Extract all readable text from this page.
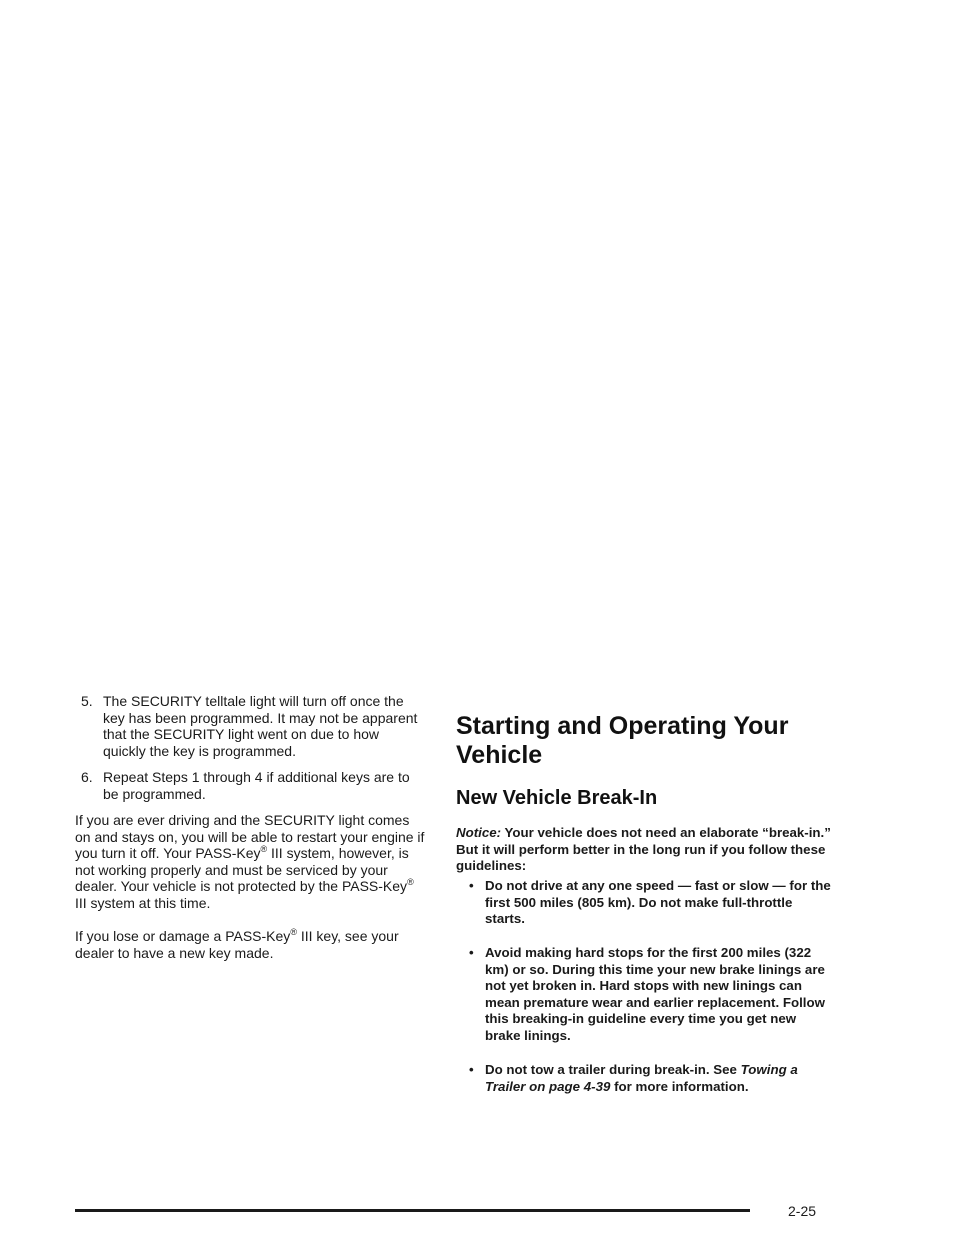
5. The SECURITY telltale light will turn off once the key has been programmed. It may not be apparent that the SECURITY light went on due to how quickly the key is programmed.
6. Repeat Steps 1 through 4 if additional keys are to be programmed.

If you are ever driving and the SECURITY light comes on and stays on, you will be able to restart your engine if you turn it off. Your PASS-Key® III system, however, is not working properly and must be serviced by your dealer. Your vehicle is not protected by the PASS-Key® III system at this time.

If you lose or damage a PASS-Key® III key, see your dealer to have a new key made.

Starting and Operating Your Vehicle
New Vehicle Break-In

Notice: Your vehicle does not need an elaborate “break-in.” But it will perform better in the long run if you follow these guidelines:

• Do not drive at any one speed — fast or slow — for the first 500 miles (805 km). Do not make full-throttle starts.
• Avoid making hard stops for the first 200 miles (322 km) or so. During this time your new brake linings are not yet broken in. Hard stops with new linings can mean premature wear and earlier replacement. Follow this breaking-in guideline every time you get new brake linings.
• Do not tow a trailer during break-in. See Towing a Trailer on page 4-39 for more information.
2-25
